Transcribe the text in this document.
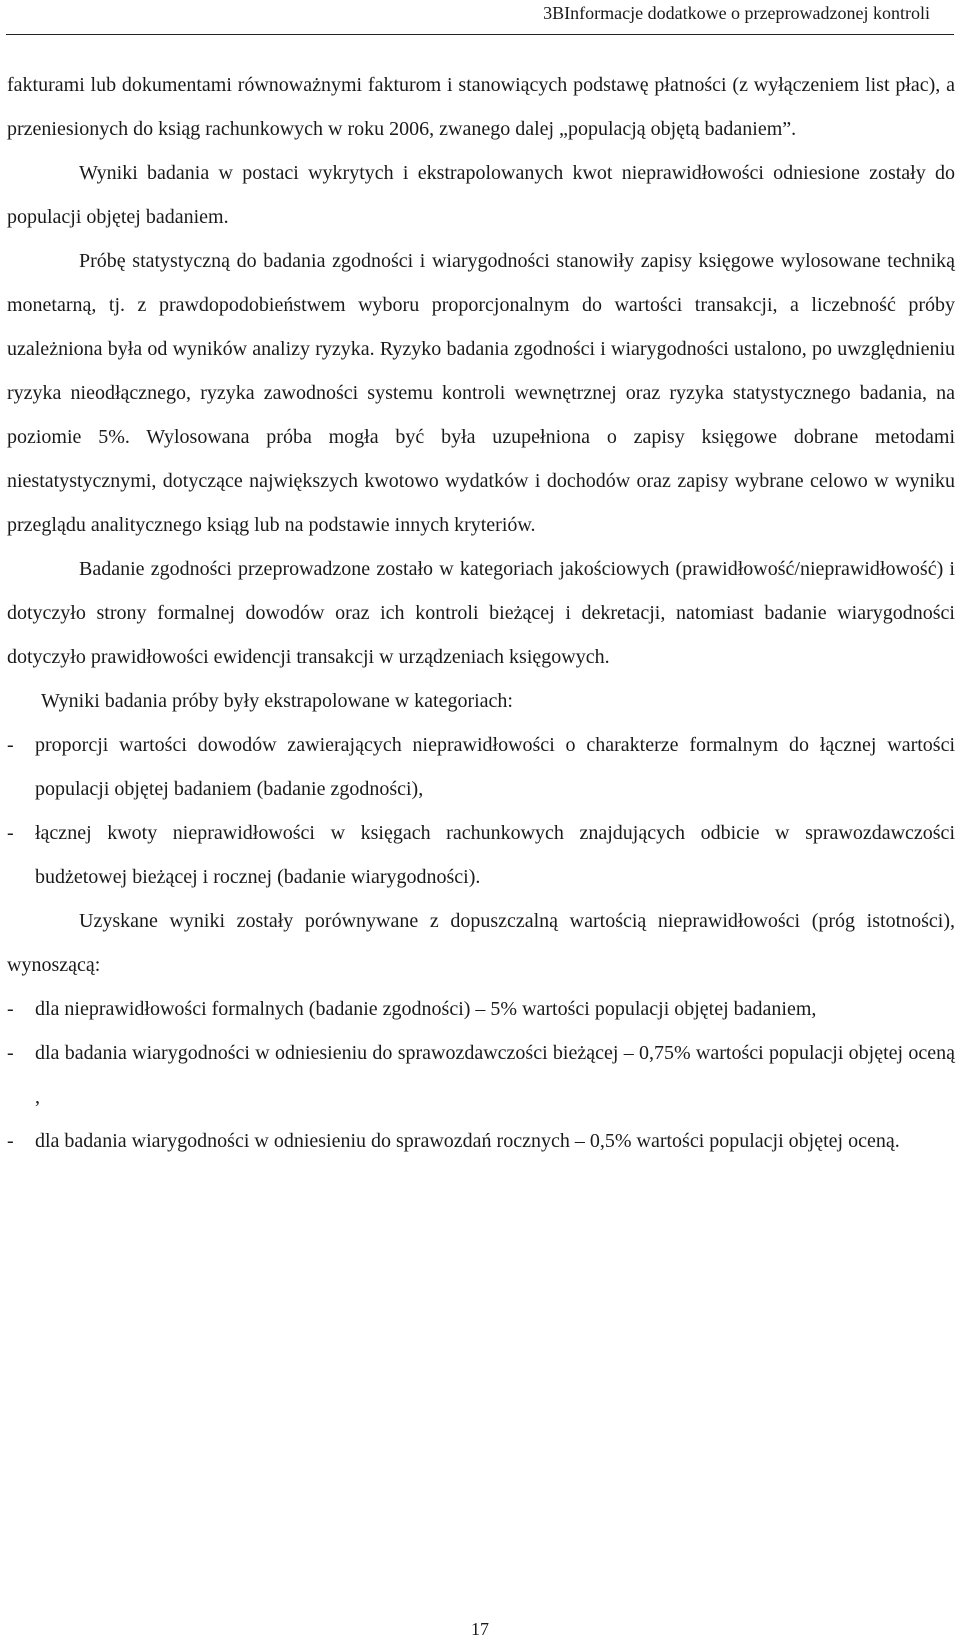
3BInformacje dodatkowe o przeprowadzonej kontroli

fakturami lub dokumentami równoważnymi fakturom i stanowiących podstawę płatności (z wyłączeniem list płac), a przeniesionych do ksiąg rachunkowych w roku 2006, zwanego dalej „populacją objętą badaniem”.

Wyniki badania w postaci wykrytych i ekstrapolowanych kwot nieprawidłowości odniesione zostały do populacji objętej badaniem.

Próbę statystyczną do badania zgodności i wiarygodności stanowiły zapisy księgowe wylosowane techniką monetarną, tj. z prawdopodobieństwem wyboru proporcjonalnym do wartości transakcji, a liczebność próby uzależniona była od wyników analizy ryzyka. Ryzyko badania zgodności i wiarygodności ustalono, po uwzględnieniu ryzyka nieodłącznego, ryzyka zawodności systemu kontroli wewnętrznej oraz ryzyka statystycznego badania, na poziomie 5%. Wylosowana próba mogła być była uzupełniona o zapisy księgowe dobrane metodami niestatystycznymi, dotyczące największych kwotowo wydatków i dochodów oraz zapisy wybrane celowo w wyniku przeglądu analitycznego ksiąg lub na podstawie innych kryteriów.

Badanie zgodności przeprowadzone zostało w kategoriach jakościowych (prawidłowość/nieprawidłowość) i dotyczyło strony formalnej dowodów oraz ich kontroli bieżącej i dekretacji, natomiast badanie wiarygodności dotyczyło prawidłowości ewidencji transakcji w urządzeniach księgowych.

Wyniki badania próby były ekstrapolowane w kategoriach:

- proporcji wartości dowodów zawierających nieprawidłowości o charakterze formalnym do łącznej wartości populacji objętej badaniem (badanie zgodności),
- łącznej kwoty nieprawidłowości w księgach rachunkowych znajdujących odbicie w sprawozdawczości budżetowej bieżącej i rocznej (badanie wiarygodności).

Uzyskane wyniki zostały porównywane z dopuszczalną wartością nieprawidłowości (próg istotności), wynoszącą:

- dla nieprawidłowości formalnych (badanie zgodności) – 5% wartości populacji objętej badaniem,
- dla badania wiarygodności w odniesieniu do sprawozdawczości bieżącej – 0,75% wartości populacji objętej oceną ,
- dla badania wiarygodności w odniesieniu do sprawozdań rocznych – 0,5% wartości populacji objętej oceną.
17
